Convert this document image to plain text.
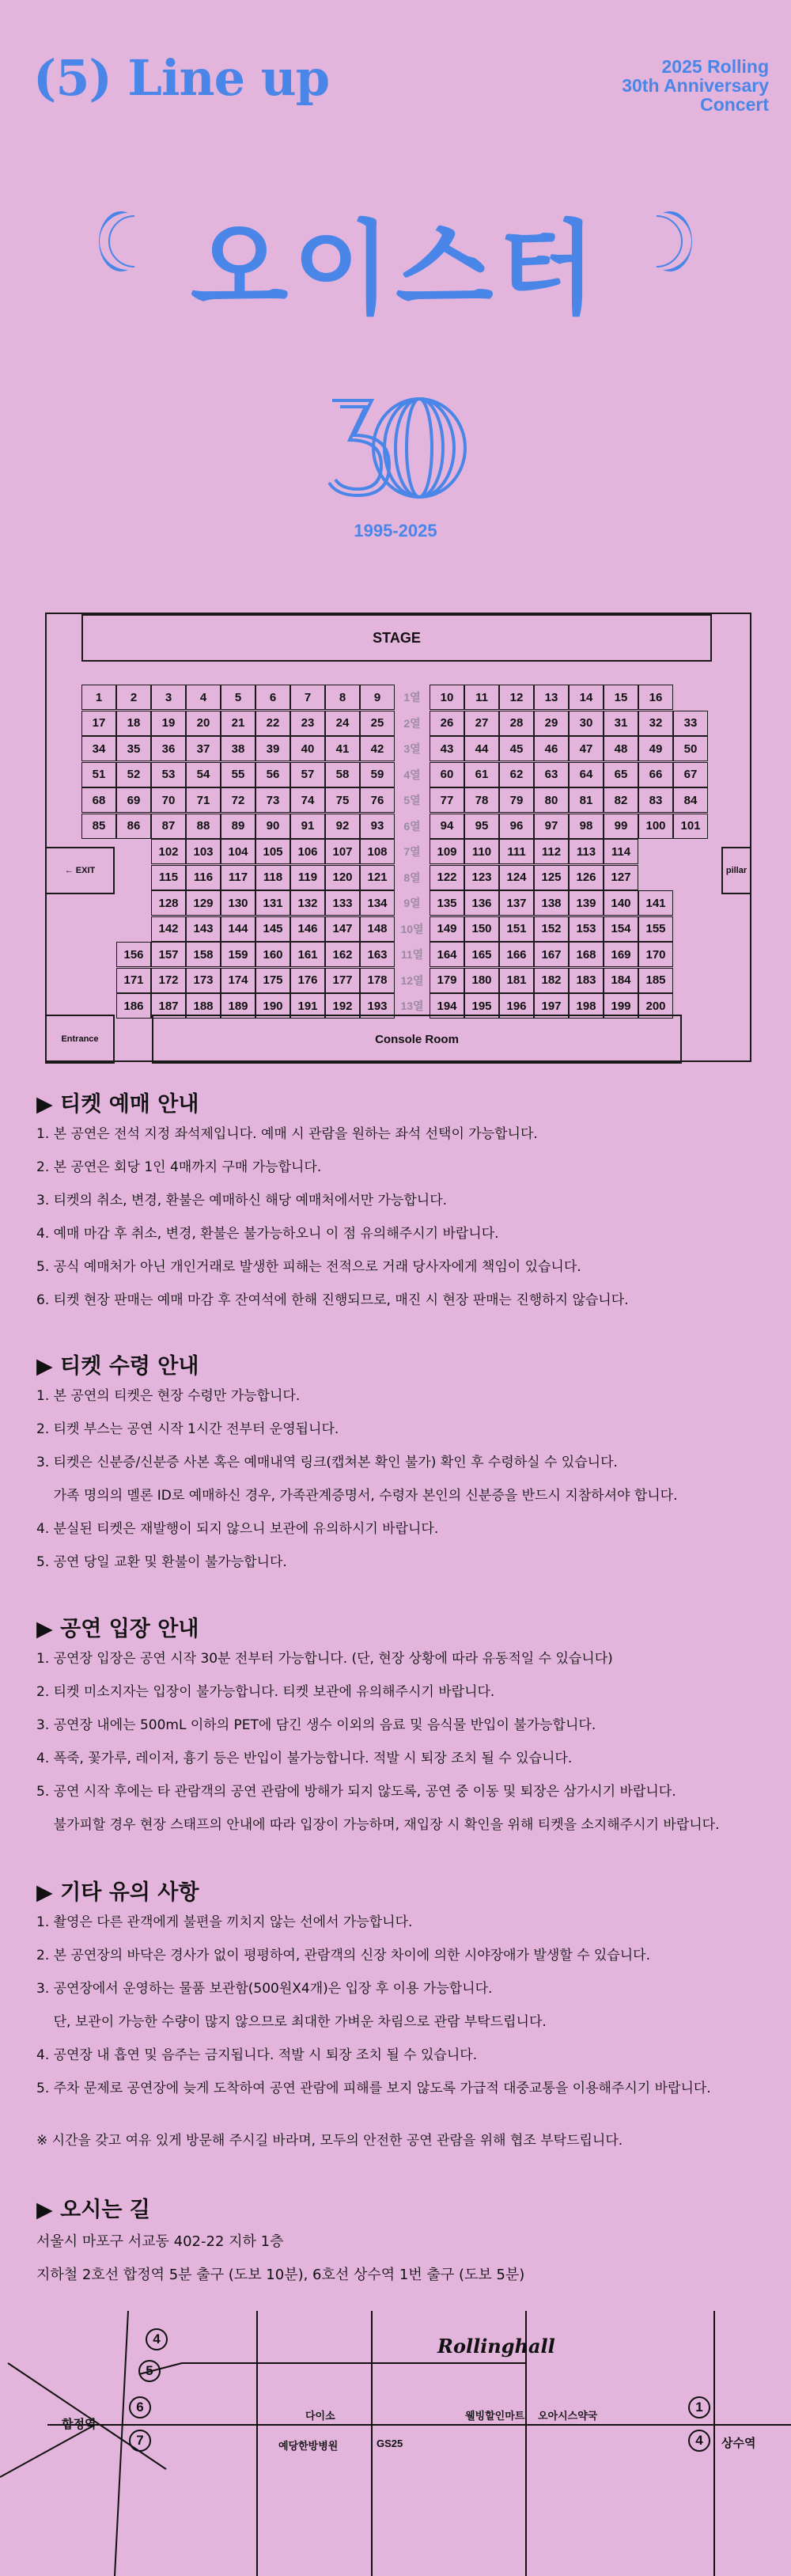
(5) Line up	2025 Rolling
30th Anniversary
Concert
오이스터
1995-2025
STAGE
← EXIT	pillar
Entrance	Console Room
1	2	3	4	5	6	7	8	9	1열	10	11	12	13	14	15	16
17	18	19	20	21	22	23	24	25	2열	26	27	28	29	30	31	32	33
34	35	36	37	38	39	40	41	42	3열	43	44	45	46	47	48	49	50
51	52	53	54	55	56	57	58	59	4열	60	61	62	63	64	65	66	67
68	69	70	71	72	73	74	75	76	5열	77	78	79	80	81	82	83	84
85	86	87	88	89	90	91	92	93	6열	94	95	96	97	98	99	100	101
102	103	104	105	106	107	108	7열	109	110	111	112	113	114
115	116	117	118	119	120	121	8열	122	123	124	125	126	127
128	129	130	131	132	133	134	9열	135	136	137	138	139	140	141
142	143	144	145	146	147	148	10열	149	150	151	152	153	154	155
156	157	158	159	160	161	162	163	11열	164	165	166	167	168	169	170
171	172	173	174	175	176	177	178	12열	179	180	181	182	183	184	185
186	187	188	189	190	191	192	193	13열	194	195	196	197	198	199	200
▶ 티켓 예매 안내
1. 본 공연은 전석 지정 좌석제입니다. 예매 시 관람을 원하는 좌석 선택이 가능합니다.
2. 본 공연은 회당 1인 4매까지 구매 가능합니다.
3. 티켓의 취소, 변경, 환불은 예매하신 해당 예매처에서만 가능합니다.
4. 예매 마감 후 취소, 변경, 환불은 불가능하오니 이 점 유의해주시기 바랍니다.
5. 공식 예매처가 아닌 개인거래로 발생한 피해는 전적으로 거래 당사자에게 책임이 있습니다.
6. 티켓 현장 판매는 예매 마감 후 잔여석에 한해 진행되므로, 매진 시 현장 판매는 진행하지 않습니다.
▶ 티켓 수령 안내
1. 본 공연의 티켓은 현장 수령만 가능합니다.
2. 티켓 부스는 공연 시작 1시간 전부터 운영됩니다.
3. 티켓은 신분증/신분증 사본 혹은 예매내역 링크(캡쳐본 확인 불가) 확인 후 수령하실 수 있습니다.
가족 명의의 멜론 ID로 예매하신 경우, 가족관계증명서, 수령자 본인의 신분증을 반드시 지참하셔야 합니다.
4. 분실된 티켓은 재발행이 되지 않으니 보관에 유의하시기 바랍니다.
5. 공연 당일 교환 및 환불이 불가능합니다.
▶ 공연 입장 안내
1. 공연장 입장은 공연 시작 30분 전부터 가능합니다. (단, 현장 상황에 따라 유동적일 수 있습니다)
2. 티켓 미소지자는 입장이 불가능합니다. 티켓 보관에 유의해주시기 바랍니다.
3. 공연장 내에는 500mL 이하의 PET에 담긴 생수 이외의 음료 및 음식물 반입이 불가능합니다.
4. 폭죽, 꽃가루, 레이저, 흉기 등은 반입이 불가능합니다. 적발 시 퇴장 조치 될 수 있습니다.
5. 공연 시작 후에는 타 관람객의 공연 관람에 방해가 되지 않도록, 공연 중 이동 및 퇴장은 삼가시기 바랍니다.
불가피할 경우 현장 스태프의 안내에 따라 입장이 가능하며, 재입장 시 확인을 위해 티켓을 소지해주시기 바랍니다.
▶ 기타 유의 사항
1. 촬영은 다른 관객에게 불편을 끼치지 않는 선에서 가능합니다.
2. 본 공연장의 바닥은 경사가 없이 평평하여, 관람객의 신장 차이에 의한 시야장애가 발생할 수 있습니다.
3. 공연장에서 운영하는 물품 보관함(500원X4개)은 입장 후 이용 가능합니다.
단, 보관이 가능한 수량이 많지 않으므로 최대한 가벼운 차림으로 관람 부탁드립니다.
4. 공연장 내 흡연 및 음주는 금지됩니다. 적발 시 퇴장 조치 될 수 있습니다.
5. 주차 문제로 공연장에 늦게 도착하여 공연 관람에 피해를 보지 않도록 가급적 대중교통을 이용해주시기 바랍니다.
※ 시간을 갖고 여유 있게 방문해 주시길 바라며, 모두의 안전한 공연 관람을 위해 협조 부탁드립니다.
▶ 오시는 길
서울시 마포구 서교동 402-22 지하 1층
지하철 2호선 합정역 5분 출구 (도보 10분), 6호선 상수역 1번 출구 (도보 5분)
Rollinghall
합정역
상수역
다이소
예당한방병원	GS25
웰빙할인마트 오아시스약국
4
5
6
7
1
4
